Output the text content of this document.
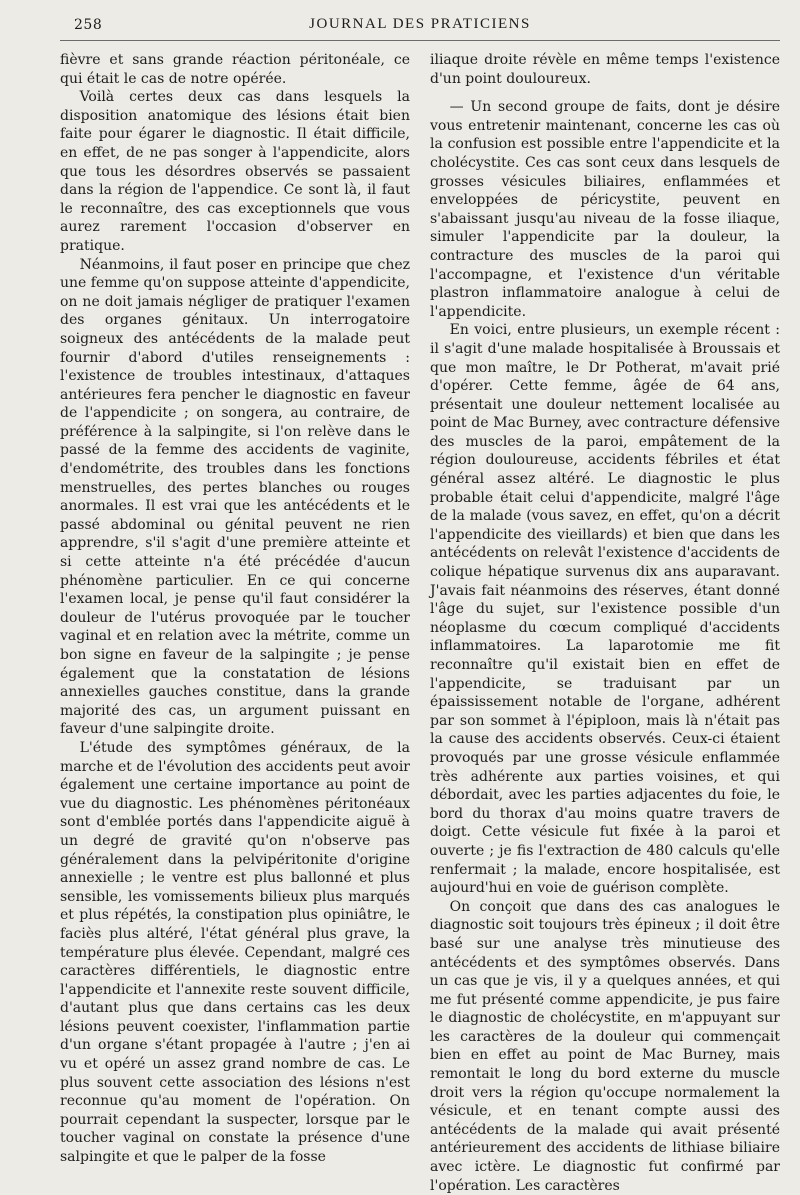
258	JOURNAL DES PRATICIENS

fièvre et sans grande réaction péritonéale, ce qui était le cas de notre opérée.

Voilà certes deux cas dans lesquels la disposition anatomique des lésions était bien faite pour égarer le diagnostic. Il était difficile, en effet, de ne pas songer à l'appendicite, alors que tous les désordres observés se passaient dans la région de l'appendice. Ce sont là, il faut le reconnaître, des cas exceptionnels que vous aurez rarement l'occasion d'observer en pratique.

Néanmoins, il faut poser en principe que chez une femme qu'on suppose atteinte d'appendicite, on ne doit jamais négliger de pratiquer l'examen des organes génitaux. Un interrogatoire soigneux des antécédents de la malade peut fournir d'abord d'utiles renseignements : l'existence de troubles intestinaux, d'attaques antérieures fera pencher le diagnostic en faveur de l'appendicite ; on songera, au contraire, de préférence à la salpingite, si l'on relève dans le passé de la femme des accidents de vaginite, d'endométrite, des troubles dans les fonctions menstruelles, des pertes blanches ou rouges anormales. Il est vrai que les antécédents et le passé abdominal ou génital peuvent ne rien apprendre, s'il s'agit d'une première atteinte et si cette atteinte n'a été précédée d'aucun phénomène particulier. En ce qui concerne l'examen local, je pense qu'il faut considérer la douleur de l'utérus provoquée par le toucher vaginal et en relation avec la métrite, comme un bon signe en faveur de la salpingite ; je pense également que la constatation de lésions annexielles gauches constitue, dans la grande majorité des cas, un argument puissant en faveur d'une salpingite droite.

L'étude des symptômes généraux, de la marche et de l'évolution des accidents peut avoir également une certaine importance au point de vue du diagnostic. Les phénomènes péritonéaux sont d'emblée portés dans l'appendicite aiguë à un degré de gravité qu'on n'observe pas généralement dans la pelvipéritonite d'origine annexielle ; le ventre est plus ballonné et plus sensible, les vomissements bilieux plus marqués et plus répétés, la constipation plus opiniâtre, le faciès plus altéré, l'état général plus grave, la température plus élevée. Cependant, malgré ces caractères différentiels, le diagnostic entre l'appendicite et l'annexite reste souvent difficile, d'autant plus que dans certains cas les deux lésions peuvent coexister, l'inflammation partie d'un organe s'étant propagée à l'autre ; j'en ai vu et opéré un assez grand nombre de cas. Le plus souvent cette association des lésions n'est reconnue qu'au moment de l'opération. On pourrait cependant la suspecter, lorsque par le toucher vaginal on constate la présence d'une salpingite et que le palper de la fosse

iliaque droite révèle en même temps l'existence d'un point douloureux.

— Un second groupe de faits, dont je désire vous entretenir maintenant, concerne les cas où la confusion est possible entre l'appendicite et la cholécystite. Ces cas sont ceux dans lesquels de grosses vésicules biliaires, enflammées et enveloppées de péricystite, peuvent en s'abaissant jusqu'au niveau de la fosse iliaque, simuler l'appendicite par la douleur, la contracture des muscles de la paroi qui l'accompagne, et l'existence d'un véritable plastron inflammatoire analogue à celui de l'appendicite.

En voici, entre plusieurs, un exemple récent : il s'agit d'une malade hospitalisée à Broussais et que mon maître, le Dr Potherat, m'avait prié d'opérer. Cette femme, âgée de 64 ans, présentait une douleur nettement localisée au point de Mac Burney, avec contracture défensive des muscles de la paroi, empâtement de la région douloureuse, accidents fébriles et état général assez altéré. Le diagnostic le plus probable était celui d'appendicite, malgré l'âge de la malade (vous savez, en effet, qu'on a décrit l'appendicite des vieillards) et bien que dans les antécédents on relevât l'existence d'accidents de colique hépatique survenus dix ans auparavant. J'avais fait néanmoins des réserves, étant donné l'âge du sujet, sur l'existence possible d'un néoplasme du cœcum compliqué d'accidents inflammatoires. La laparotomie me fit reconnaître qu'il existait bien en effet de l'appendicite, se traduisant par un épaississement notable de l'organe, adhérent par son sommet à l'épiploon, mais là n'était pas la cause des accidents observés. Ceux-ci étaient provoqués par une grosse vésicule enflammée très adhérente aux parties voisines, et qui débordait, avec les parties adjacentes du foie, le bord du thorax d'au moins quatre travers de doigt. Cette vésicule fut fixée à la paroi et ouverte ; je fis l'extraction de 480 calculs qu'elle renfermait ; la malade, encore hospitalisée, est aujourd'hui en voie de guérison complète.

On conçoit que dans des cas analogues le diagnostic soit toujours très épineux ; il doit être basé sur une analyse très minutieuse des antécédents et des symptômes observés. Dans un cas que je vis, il y a quelques années, et qui me fut présenté comme appendicite, je pus faire le diagnostic de cholécystite, en m'appuyant sur les caractères de la douleur qui commençait bien en effet au point de Mac Burney, mais remontait le long du bord externe du muscle droit vers la région qu'occupe normalement la vésicule, et en tenant compte aussi des antécédents de la malade qui avait présenté antérieurement des accidents de lithiase biliaire avec ictère. Le diagnostic fut confirmé par l'opération. Les caractères
